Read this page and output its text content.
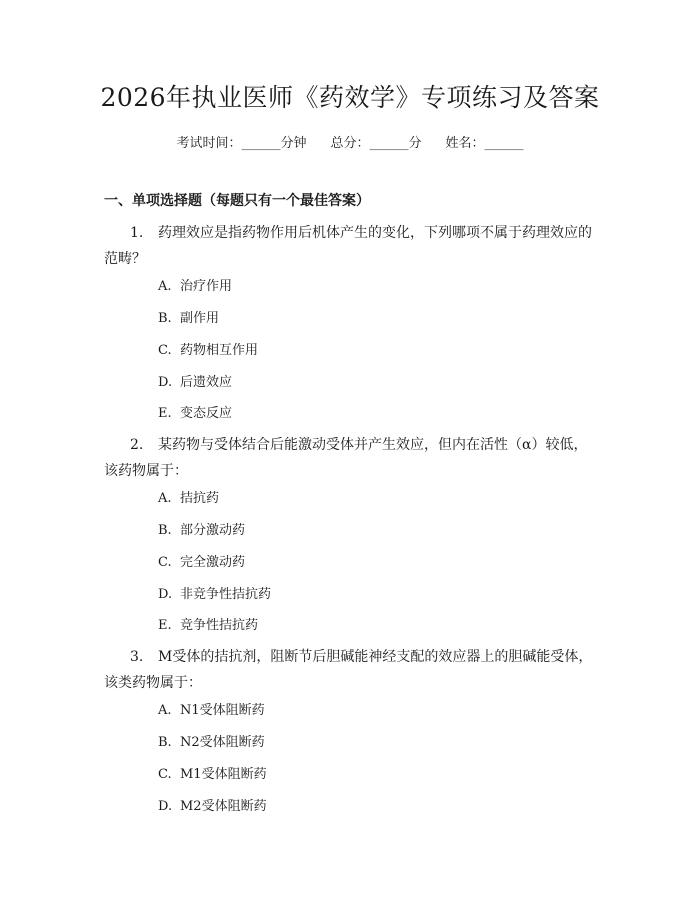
2026年执业医师《药效学》专项练习及答案
考试时间：______分钟 总分：______分 姓名：______
一、单项选择题（每题只有一个最佳答案）
1. 药理效应是指药物作用后机体产生的变化，下列哪项不属于药理效应的范畴？
A. 治疗作用
B. 副作用
C. 药物相互作用
D. 后遗效应
E. 变态反应
2. 某药物与受体结合后能激动受体并产生效应，但内在活性（α）较低，该药物属于：
A. 拮抗药
B. 部分激动药
C. 完全激动药
D. 非竞争性拮抗药
E. 竞争性拮抗药
3. M受体的拮抗剂，阻断节后胆碱能神经支配的效应器上的胆碱能受体，该类药物属于：
A. N1受体阻断药
B. N2受体阻断药
C. M1受体阻断药
D. M2受体阻断药
